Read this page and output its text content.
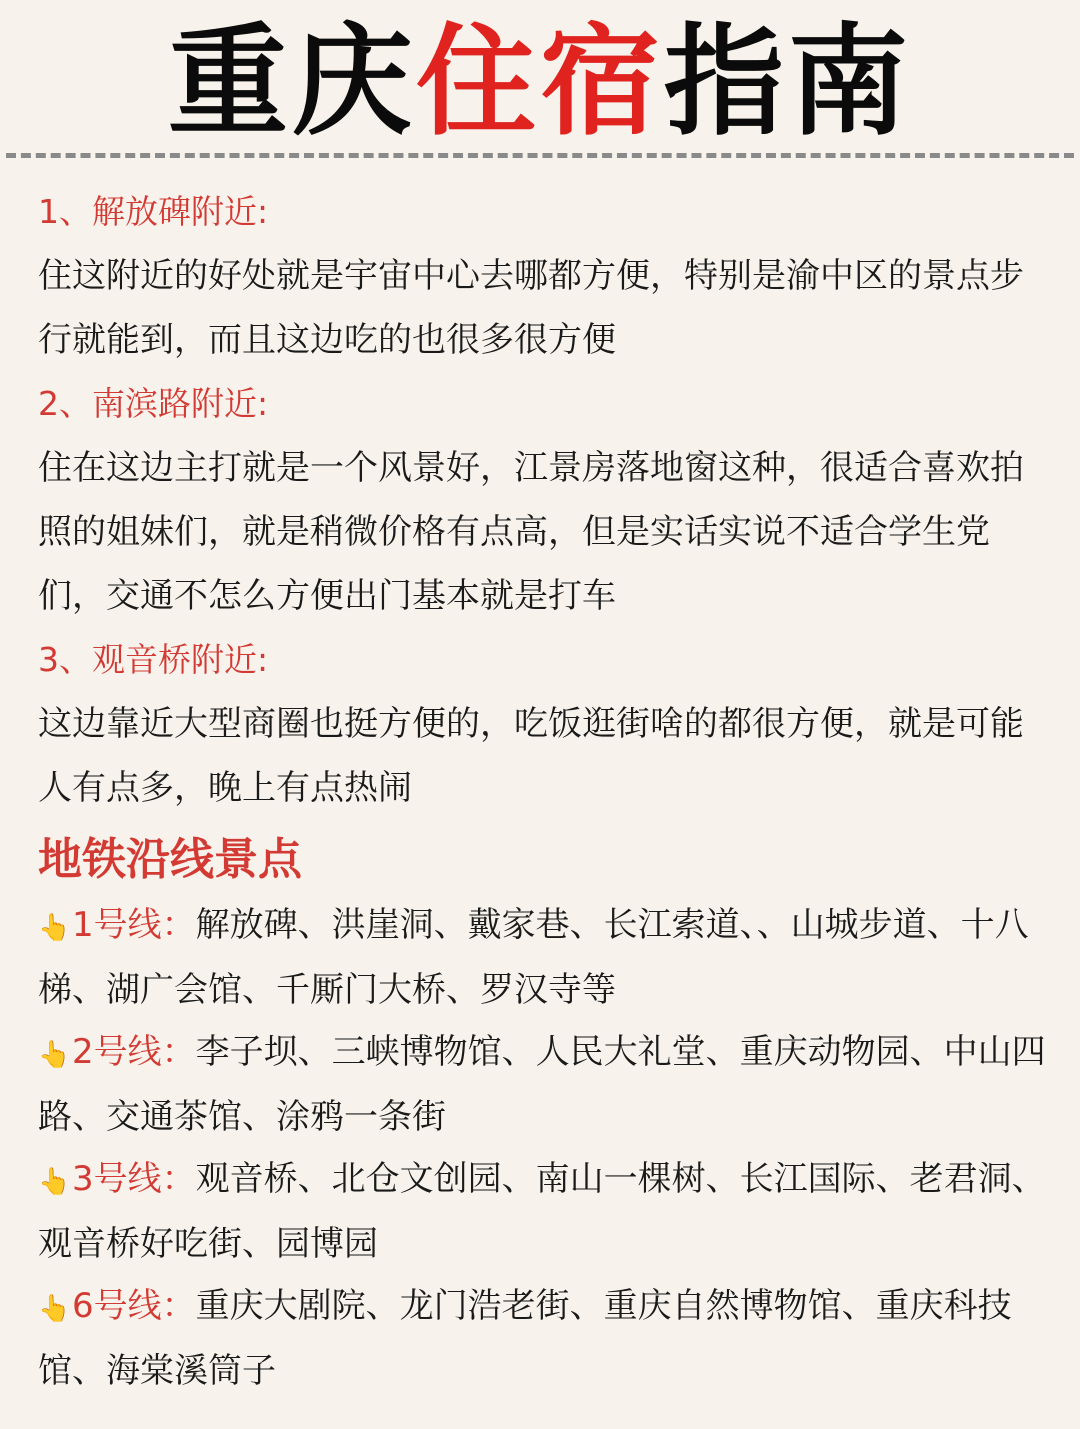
重庆住宿指南
1、解放碑附近:
住这附近的好处就是宇宙中心去哪都方便，特别是渝中区的景点步行就能到，而且这边吃的也很多很方便
2、南滨路附近:
住在这边主打就是一个风景好，江景房落地窗这种，很适合喜欢拍照的姐妹们，就是稍微价格有点高，但是实话实说不适合学生党们，交通不怎么方便出门基本就是打车
3、观音桥附近:
这边靠近大型商圈也挺方便的，吃饭逛街啥的都很方便，就是可能人有点多，晚上有点热闹
地铁沿线景点
👆1号线：解放碑、洪崖洞、戴家巷、长江索道、、山城步道、十八梯、湖广会馆、千厮门大桥、罗汉寺等
👆2号线：李子坝、三峡博物馆、人民大礼堂、重庆动物园、中山四路、交通茶馆、涂鸦一条街
👆3号线：观音桥、北仓文创园、南山一棵树、长江国际、老君洞、观音桥好吃街、园博园
👆6号线：重庆大剧院、龙门浩老街、重庆自然博物馆、重庆科技馆、海棠溪筒子
